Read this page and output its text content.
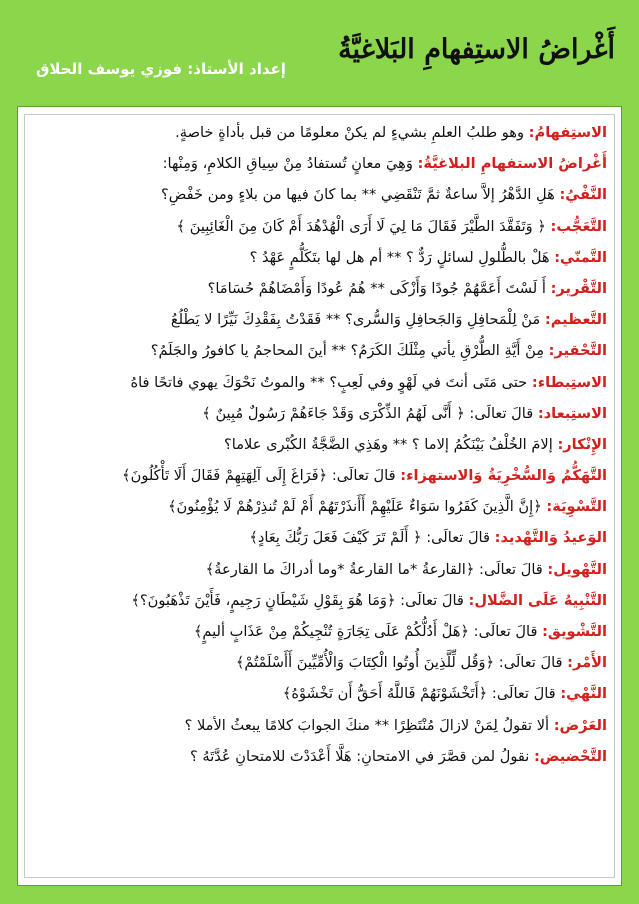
أَغْراضُ الاستِفهامِ البَلاغيَّةُ
إعداد الأستاذ: فوزي يوسف الحلاق
الاستِفهامُ: وهو طلبُ العلمِ بشيءٍ لم يكنْ معلومًا من قبل بأداةٍ خاصةٍ.
أَغْراضُ الاستفهامِ البلاغيَّةُ: وَهِيَ معانٍ تُستفادُ مِنْ سِياقِ الكلامِ، وَمِنْها:
النَّفْيُ: هَلِ الدَّهْرُ إلاَّ ساعةٌ ثمَّ تَنْقَضِي ** بما كانَ فيها من بلاءٍ ومن خَفْضِ؟
التَّعَجُّب: ﴿ وَتَفَقَّدَ الطَّيْرَ فَقَالَ مَا لِيَ لَا أَرَى الْهُدْهُدَ أَمْ كَانَ مِنَ الْغَائِبِينَ ﴾
التَّمنّي: هَلْ بالطُّلولِ لسائلٍ رَدٌّ ؟ ** أم هل لها بتَكَلُّمٍ عَهْدُ ؟
التَّقْرير: أَ لَسْتَ أَعَمَّهُمْ جُودًا وَأَزْكَى ** هُمُ عُودًا وَأَمْضَاهُمْ حُسَامَا؟
التَّعظيم: مَنْ لِلْمَحافِلِ وَالجَحافِلِ وَالسُّرى؟ ** فَقَدْتُ بِفَقْدِكَ نَيِّرًا لا يَطْلُعُ
التَّحْقير: مِنْ أَيَّةِ الطُّرْقِ يأتي مِثْلَكَ الكَرَمُ؟ ** أينَ المحاجمُ يا كافورُ والجَلَمُ؟
الاستِبطاء: حتى مَتَى أنتَ في لَهْوٍ وفي لَعِبٍ؟ ** والموتُ نَحْوَكَ يهوي فاتحًا فاهُ
الاستِبعاد: قالَ تعالَى: ﴿ أَنَّى لَهُمُ الذِّكْرَى وَقَدْ جَاءَهُمْ رَسُولٌ مُبِينٌ ﴾
الإِنْكار: إلامَ الخُلْفُ بَيْنَكُمُ إلاما ؟ ** وهَذِي الضَّجَّةُ الكُبْرى علاما؟
التَّهَكُّمُ وَالسُّخْرِيَةُ وَالاستهزاء: قالَ تعالَى: ﴿فَرَاغَ إِلَى آلِهَتِهِمْ فَقَالَ أَلَا تَأْكُلُونَ﴾
التَّسْوِيَة: ﴿إِنَّ الَّذِينَ كَفَرُوا سَوَاءٌ عَلَيْهِمْ أَأَنذَرْتَهُمْ أَمْ لَمْ تُنذِرْهُمْ لَا يُؤْمِنُونَ﴾
الوَعيدُ وَالتَّهْديد: قالَ تعالَى: ﴿ أَلَمْ تَرَ كَيْفَ فَعَلَ رَبُّكَ بِعَادٍ﴾
التَّهْويل: قالَ تعالَى: ﴿القارعةُ *ما القارعةُ *وما أدراكَ ما القارعةُ﴾
التَّنْبِيهُ عَلَى الضَّلال: قالَ تعالَى: ﴿وَمَا هُوَ بِقَوْلِ شَيْطَانٍ رَجِيمٍ، فَأَيْنَ تَذْهَبُونَ؟﴾
التَّشْويق: قالَ تعالَى: ﴿هَلْ أَدُلُّكُمْ عَلَى تِجَارَةٍ تُنْجِيكُمْ مِنْ عَذَابٍ أليمٍ﴾
الأَمْر: قالَ تعالَى: ﴿وَقُل لِّلَّذِينَ أُوتُوا الْكِتَابَ وَالْأُمِّيِّينَ أَأَسْلَمْتُمْ﴾
النَّهْي: قالَ تعالَى: ﴿أَتَخْشَوْنَهُمْ فَاللَّهُ أَحَقُّ أَن تَخْشَوْهُ﴾
العَرْض: ألا تقولُ لِمَنْ لازالَ مُنْتَظِرًا ** منكَ الجوابَ كلامًا يبعثُ الأملا ؟
التَّحْضيض: نقولُ لمن قصَّرَ في الامتحانِ: هَلَّا أَعْدَدْتَ للامتحانِ عُدَّتَهُ ؟
